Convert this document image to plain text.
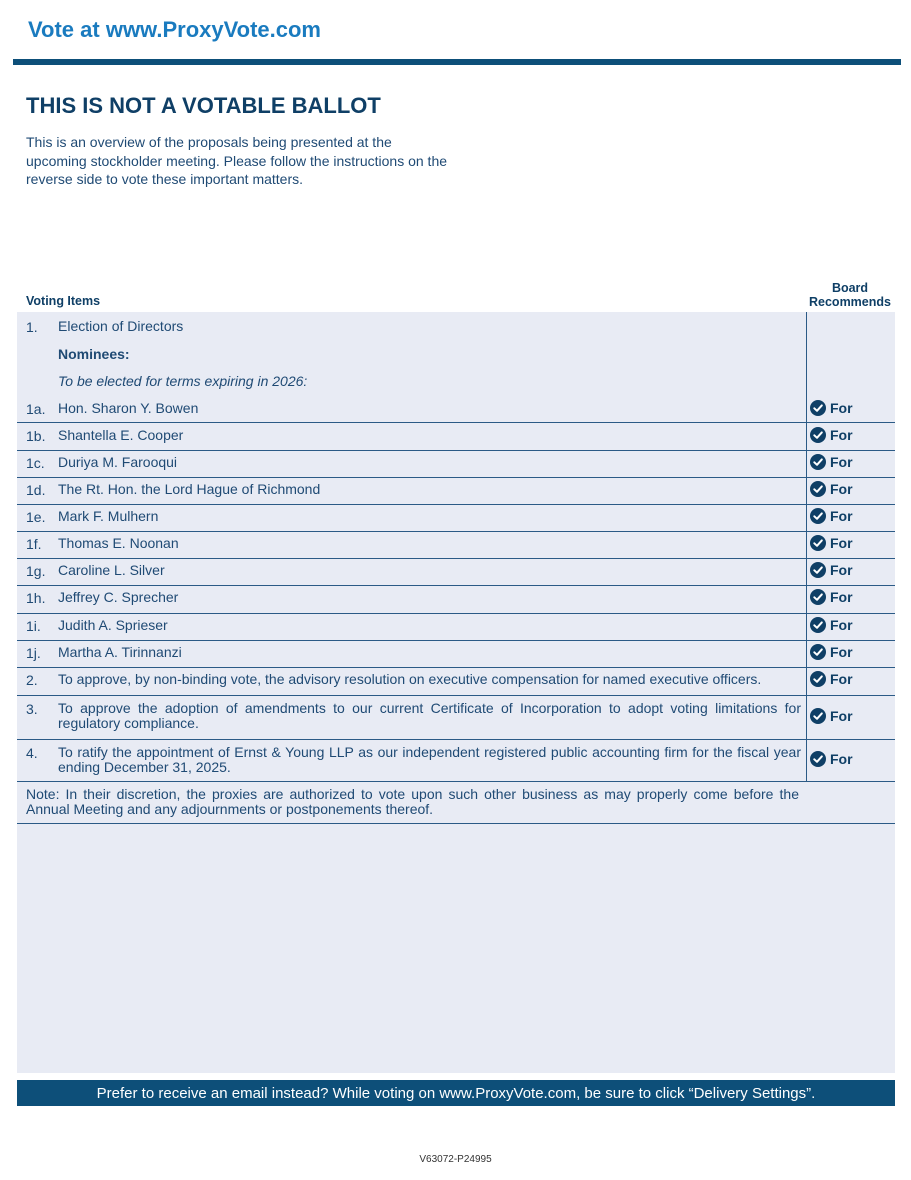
Vote at www.ProxyVote.com
THIS IS NOT A VOTABLE BALLOT
This is an overview of the proposals being presented at the upcoming stockholder meeting. Please follow the instructions on the reverse side to vote these important matters.
Voting Items
Board
Recommends
1. Election of Directors
Nominees:
To be elected for terms expiring in 2026:
1a. Hon. Sharon Y. Bowen	For
1b. Shantella E. Cooper	For
1c. Duriya M. Farooqui	For
1d. The Rt. Hon. the Lord Hague of Richmond	For
1e. Mark F. Mulhern	For
1f. Thomas E. Noonan	For
1g. Caroline L. Silver	For
1h. Jeffrey C. Sprecher	For
1i. Judith A. Sprieser	For
1j. Martha A. Tirinnanzi	For
2. To approve, by non-binding vote, the advisory resolution on executive compensation for named executive officers.	For
3. To approve the adoption of amendments to our current Certificate of Incorporation to adopt voting limitations for regulatory compliance.	For
4. To ratify the appointment of Ernst & Young LLP as our independent registered public accounting firm for the fiscal year ending December 31, 2025.	For
Note: In their discretion, the proxies are authorized to vote upon such other business as may properly come before the Annual Meeting and any adjournments or postponements thereof.
Prefer to receive an email instead? While voting on www.ProxyVote.com, be sure to click “Delivery Settings”.
V63072-P24995
